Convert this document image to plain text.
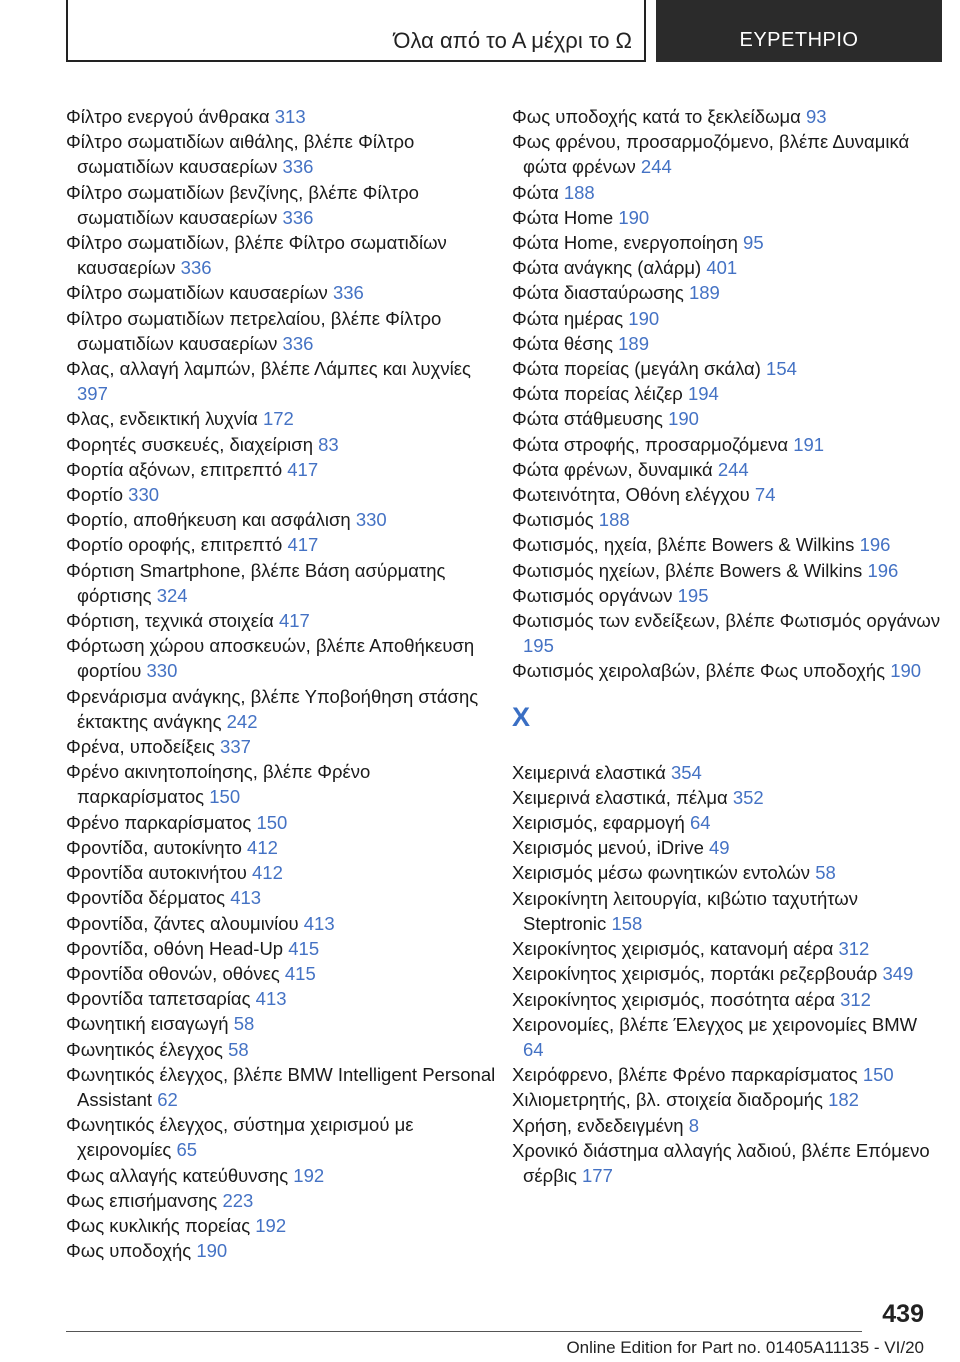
Όλα από το Α μέχρι το Ω	ΕΥΡΕΤΗΡΙΟ
Φίλτρο ενεργού άνθρακα 313
Φίλτρο σωματιδίων αιθάλης, βλέπε Φίλτρο σωματιδίων καυσαερίων 336
Φίλτρο σωματιδίων βενζίνης, βλέπε Φίλτρο σωματιδίων καυσαερίων 336
Φίλτρο σωματιδίων, βλέπε Φίλτρο σωματιδίων καυσαερίων 336
Φίλτρο σωματιδίων καυσαερίων 336
Φίλτρο σωματιδίων πετρελαίου, βλέπε Φίλτρο σωματιδίων καυσαερίων 336
Φλας, αλλαγή λαμπών, βλέπε Λάμπες και λυχνίες 397
Φλας, ενδεικτική λυχνία 172
Φορητές συσκευές, διαχείριση 83
Φορτία αξόνων, επιτρεπτό 417
Φορτίο 330
Φορτίο, αποθήκευση και ασφάλιση 330
Φορτίο οροφής, επιτρεπτό 417
Φόρτιση Smartphone, βλέπε Βάση ασύρματης φόρτισης 324
Φόρτιση, τεχνικά στοιχεία 417
Φόρτωση χώρου αποσκευών, βλέπε Αποθήκευση φορτίου 330
Φρενάρισμα ανάγκης, βλέπε Υποβοήθηση στάσης έκτακτης ανάγκης 242
Φρένα, υποδείξεις 337
Φρένο ακινητοποίησης, βλέπε Φρένο παρκαρίσματος 150
Φρένο παρκαρίσματος 150
Φροντίδα, αυτοκίνητο 412
Φροντίδα αυτοκινήτου 412
Φροντίδα δέρματος 413
Φροντίδα, ζάντες αλουμινίου 413
Φροντίδα, οθόνη Head-Up 415
Φροντίδα οθονών, οθόνες 415
Φροντίδα ταπετσαρίας 413
Φωνητική εισαγωγή 58
Φωνητικός έλεγχος 58
Φωνητικός έλεγχος, βλέπε BMW Intelligent Personal Assistant 62
Φωνητικός έλεγχος, σύστημα χειρισμού με χειρονομίες 65
Φως αλλαγής κατεύθυνσης 192
Φως επισήμανσης 223
Φως κυκλικής πορείας 192
Φως υποδοχής 190
Φως υποδοχής κατά το ξεκλείδωμα 93
Φως φρένου, προσαρμοζόμενο, βλέπε Δυναμικά φώτα φρένων 244
Φώτα 188
Φώτα Home 190
Φώτα Home, ενεργοποίηση 95
Φώτα ανάγκης (αλάρμ) 401
Φώτα διασταύρωσης 189
Φώτα ημέρας 190
Φώτα θέσης 189
Φώτα πορείας (μεγάλη σκάλα) 154
Φώτα πορείας λέιζερ 194
Φώτα στάθμευσης 190
Φώτα στροφής, προσαρμοζόμενα 191
Φώτα φρένων, δυναμικά 244
Φωτεινότητα, Οθόνη ελέγχου 74
Φωτισμός 188
Φωτισμός, ηχεία, βλέπε Bowers & Wilkins 196
Φωτισμός ηχείων, βλέπε Bowers & Wilkins 196
Φωτισμός οργάνων 195
Φωτισμός των ενδείξεων, βλέπε Φωτισμός οργάνων 195
Φωτισμός χειρολαβών, βλέπε Φως υποδοχής 190
Χ
Χειμερινά ελαστικά 354
Χειμερινά ελαστικά, πέλμα 352
Χειρισμός, εφαρμογή 64
Χειρισμός μενού, iDrive 49
Χειρισμός μέσω φωνητικών εντολών 58
Χειροκίνητη λειτουργία, κιβώτιο ταχυτήτων Steptronic 158
Χειροκίνητος χειρισμός, κατανομή αέρα 312
Χειροκίνητος χειρισμός, πορτάκι ρεζερβουάρ 349
Χειροκίνητος χειρισμός, ποσότητα αέρα 312
Χειρονομίες, βλέπε Έλεγχος με χειρονομίες BMW 64
Χειρόφρενο, βλέπε Φρένο παρκαρίσματος 150
Χιλιομετρητής, βλ. στοιχεία διαδρομής 182
Χρήση, ενδεδειγμένη 8
Χρονικό διάστημα αλλαγής λαδιού, βλέπε Επόμενο σέρβις 177
439
Online Edition for Part no. 01405A11135 - VI/20
